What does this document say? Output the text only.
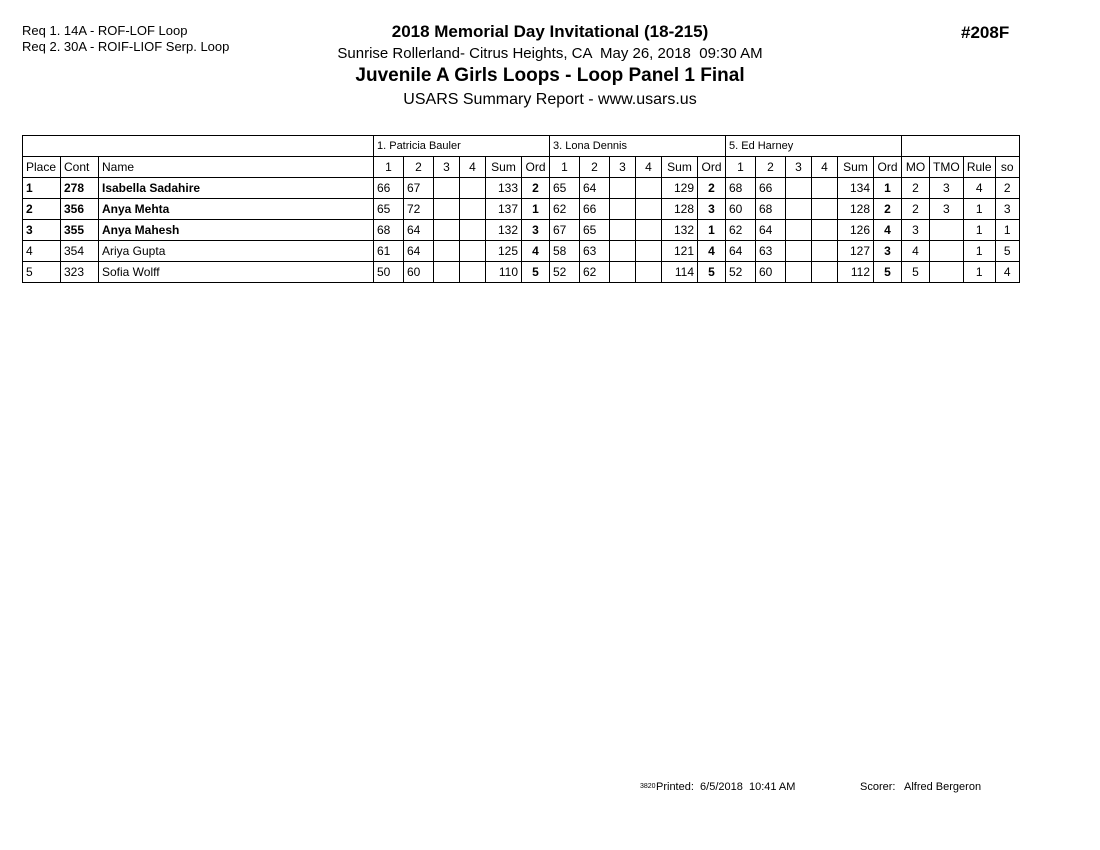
Req 1. 14A - ROF-LOF Loop
Req 2. 30A - ROIF-LIOF Serp. Loop
2018 Memorial Day Invitational (18-215)
Sunrise Rollerland- Citrus Heights, CA  May 26, 2018  09:30 AM
Juvenile A Girls Loops - Loop Panel 1 Final
USARS Summary Report - www.usars.us
#208F
			1. Patricia Bauler						3. Lona Dennis						5. Ed Harney									
Place	Cont	Name	1	2	3	4	Sum	Ord	1	2	3	4	Sum	Ord	1	2	3	4	Sum	Ord	MO	TMO	Rule	so
1	278	Isabella Sadahire	66	67			133	2	65	64			129	2	68	66			134	1	2	3	4	2
2	356	Anya Mehta	65	72			137	1	62	66			128	3	60	68			128	2	2	3	1	3
3	355	Anya Mahesh	68	64			132	3	67	65			132	1	62	64			126	4	3		1	1
4	354	Ariya Gupta	61	64			125	4	58	63			121	4	64	63			127	3	4		1	5
5	323	Sofia Wolff	50	60			110	5	52	62			114	5	52	60			112	5	5		1	4
3820 Printed:  6/5/2018  10:41 AM	Scorer:   Alfred Bergeron
